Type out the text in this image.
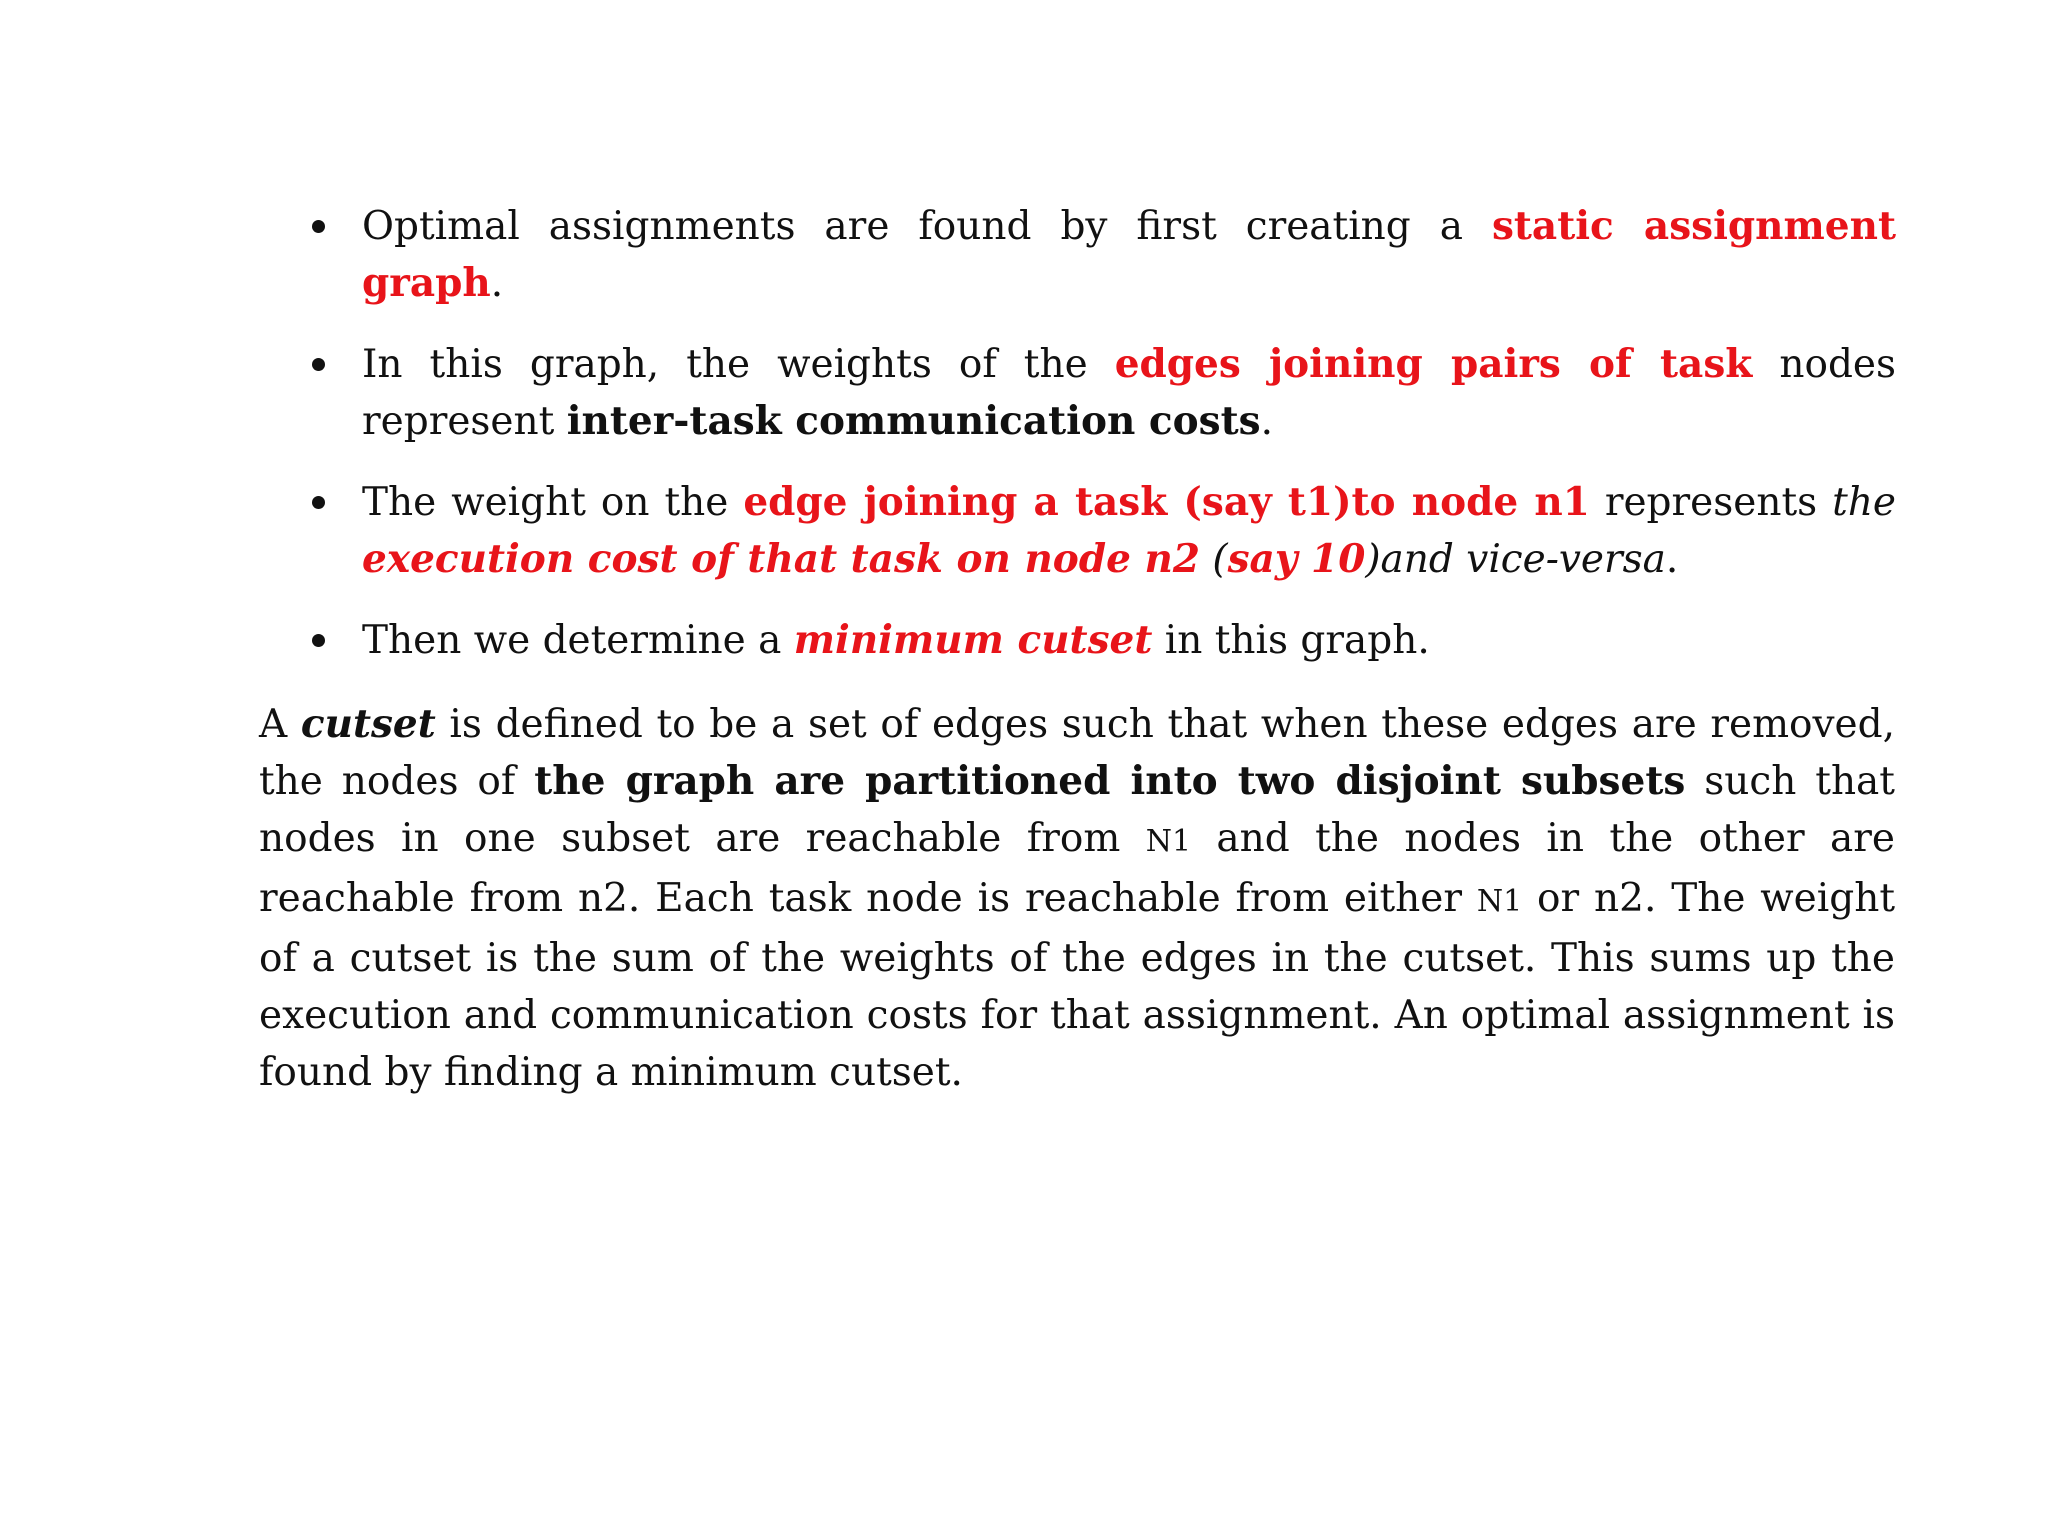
Optimal assignments are found by first creating a static assignment graph.
In this graph, the weights of the edges joining pairs of task nodes represent inter-task communication costs.
The weight on the edge joining a task (say t1)to node n1 represents the execution cost of that task on node n2 (say 10)and vice-versa.
Then we determine a minimum cutset in this graph.

A cutset is defined to be a set of edges such that when these edges are removed, the nodes of the graph are partitioned into two disjoint subsets such that nodes in one subset are reachable from N1 and the nodes in the other are reachable from n2. Each task node is reachable from either N1 or n2. The weight of a cutset is the sum of the weights of the edges in the cutset. This sums up the execution and communication costs for that assignment. An optimal assignment is found by finding a minimum cutset.
